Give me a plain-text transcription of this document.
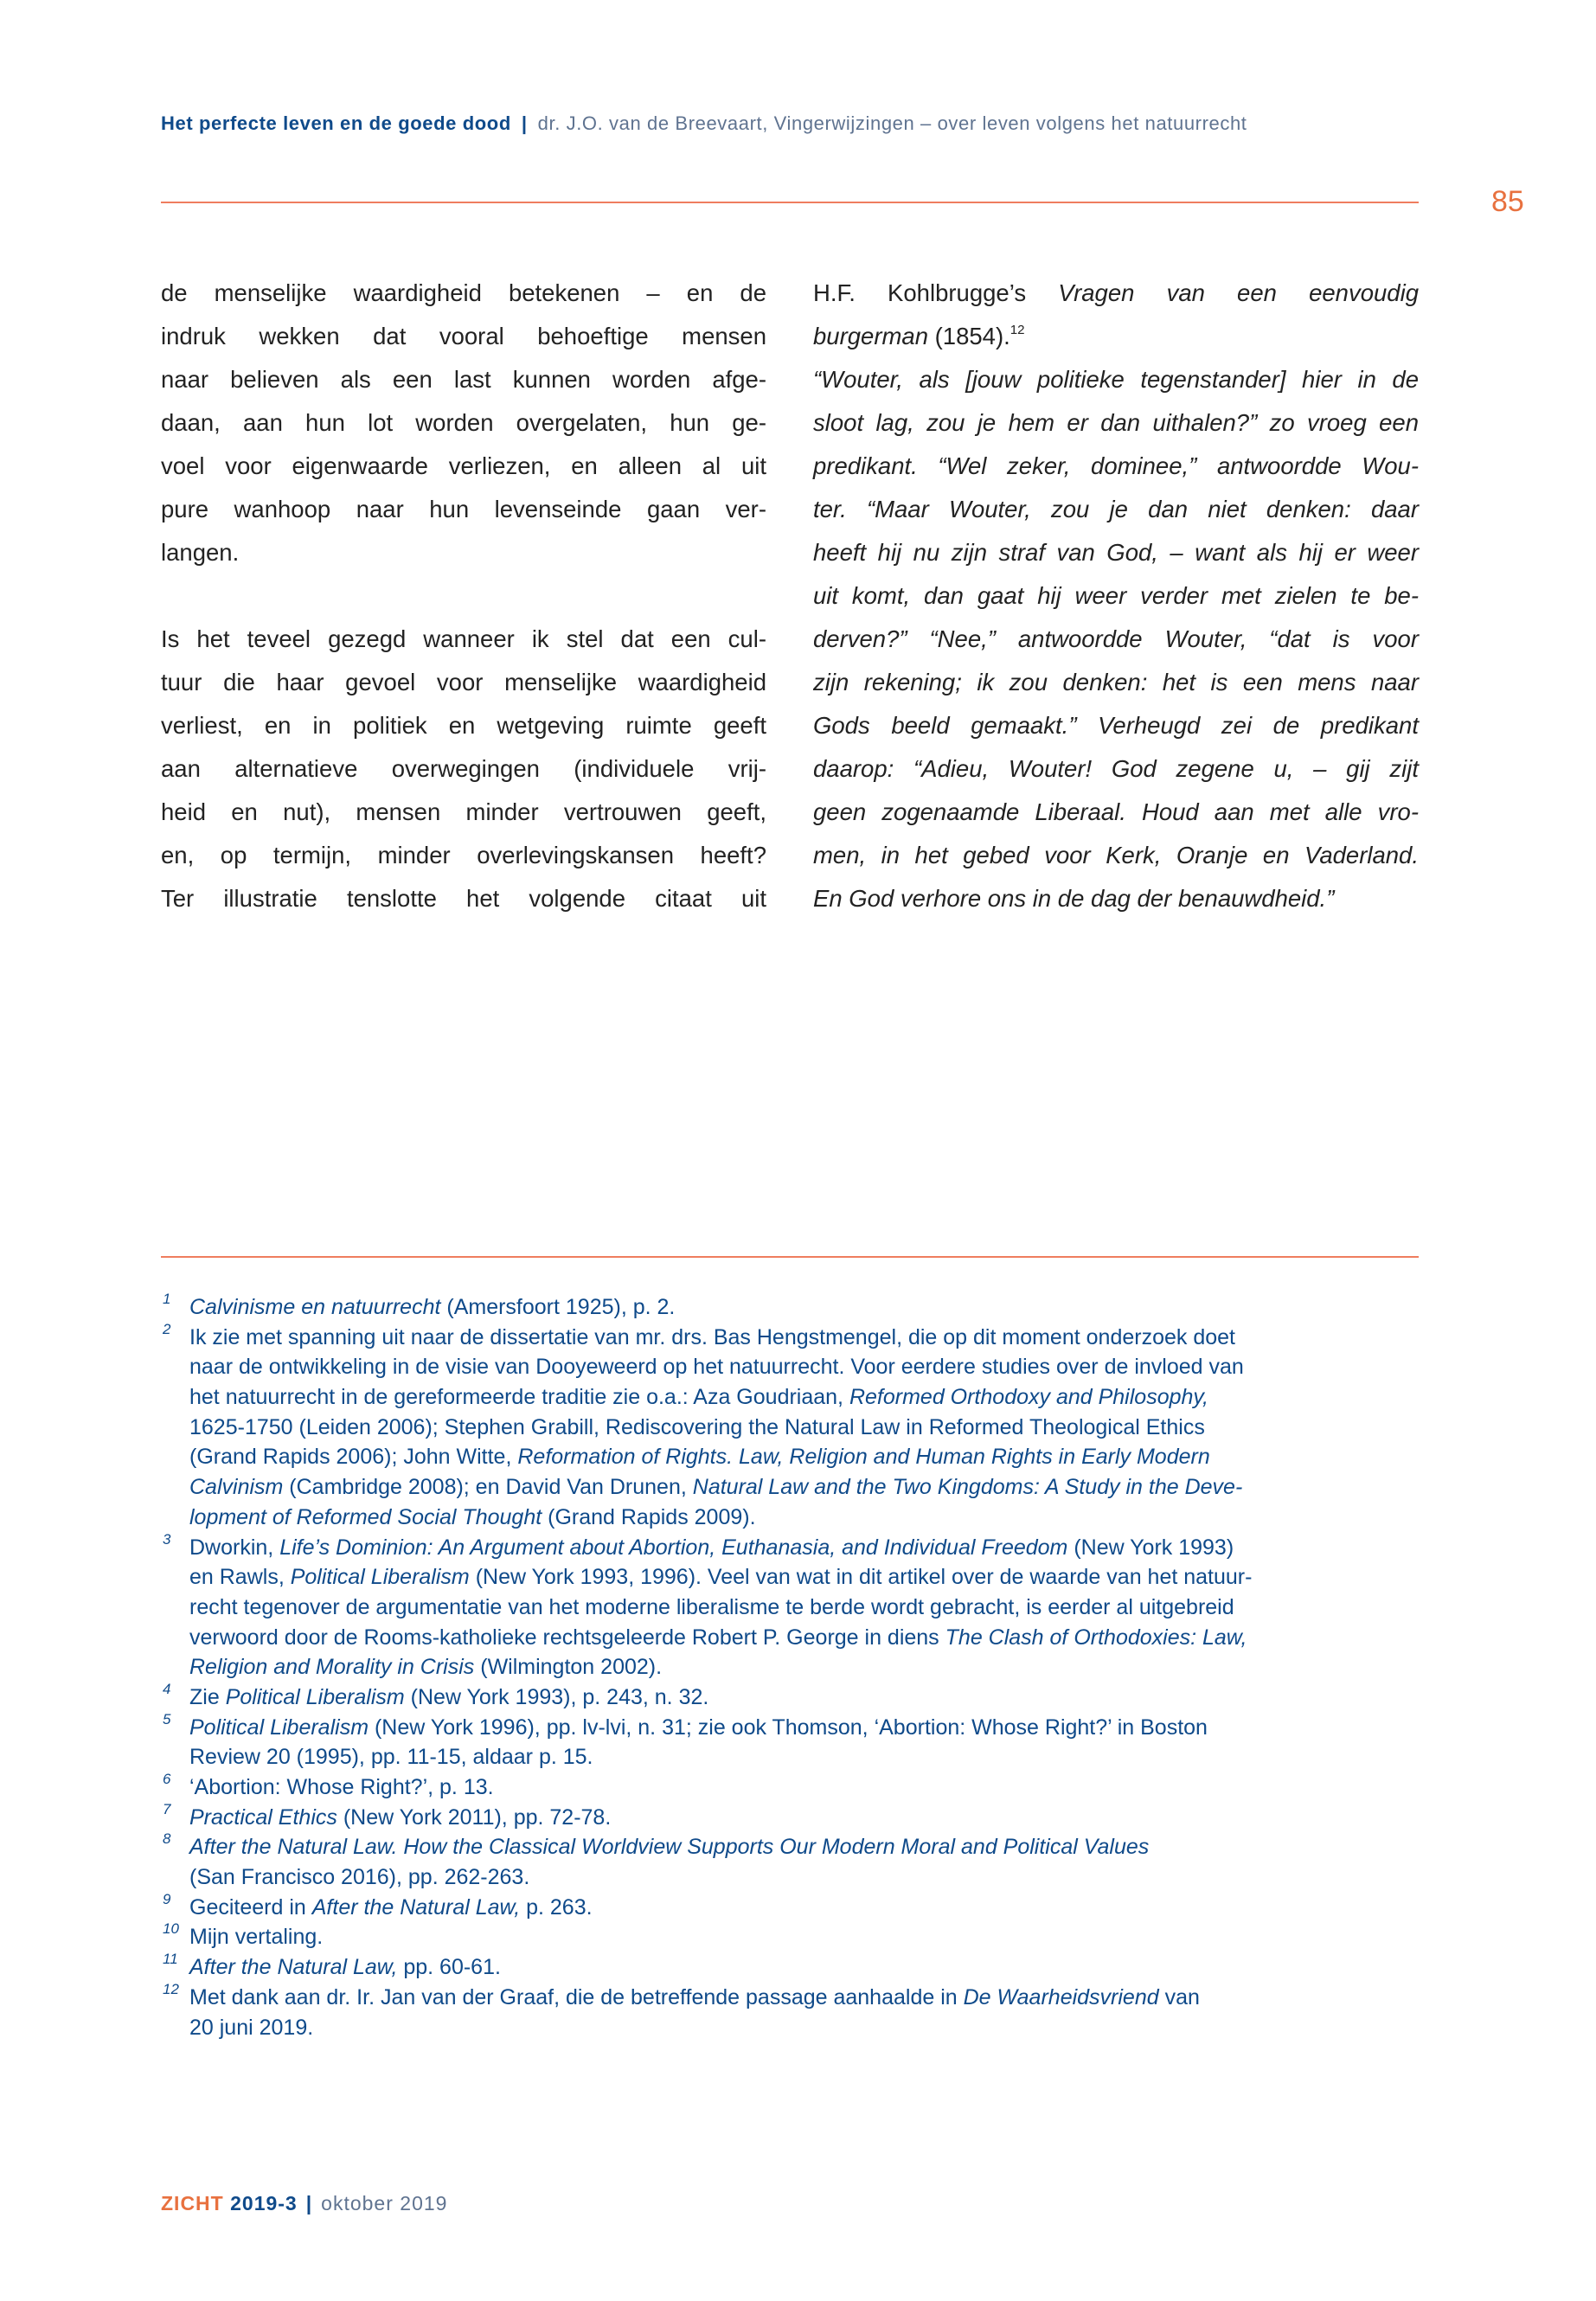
Het perfecte leven en de goede dood | dr. J.O. van de Breevaart, Vingerwijzingen – over leven volgens het natuurrecht
85
de menselijke waardigheid betekenen – en de
indruk wekken dat vooral behoeftige mensen
naar believen als een last kunnen worden afge-
daan, aan hun lot worden overgelaten, hun ge-
voel voor eigenwaarde verliezen, en alleen al uit
pure wanhoop naar hun levenseinde gaan ver-
langen.
Is het teveel gezegd wanneer ik stel dat een cul-
tuur die haar gevoel voor menselijke waardigheid
verliest, en in politiek en wetgeving ruimte geeft
aan alternatieve overwegingen (individuele vrij-
heid en nut), mensen minder vertrouwen geeft,
en, op termijn, minder overlevingskansen heeft?
Ter illustratie tenslotte het volgende citaat uit
H.F. Kohlbrugge’s Vragen van een eenvoudig
burgerman (1854).$^{12}$
“Wouter, als [jouw politieke tegenstander] hier in de
sloot lag, zou je hem er dan uithalen?” zo vroeg een
predikant. “Wel zeker, dominee,” antwoordde Wou-
ter. “Maar Wouter, zou je dan niet denken: daar
heeft hij nu zijn straf van God, – want als hij er weer
uit komt, dan gaat hij weer verder met zielen te be-
derven?” “Nee,” antwoordde Wouter, “dat is voor
zijn rekening; ik zou denken: het is een mens naar
Gods beeld gemaakt.” Verheugd zei de predikant
daarop: “Adieu, Wouter! God zegene u, – gij zijt
geen zogenaamde Liberaal. Houd aan met alle vro-
men, in het gebed voor Kerk, Oranje en Vaderland.
En God verhore ons in de dag der benauwdheid.”
1 Calvinisme en natuurrecht (Amersfoort 1925), p. 2.
2 Ik zie met spanning uit naar de dissertatie van mr. drs. Bas Hengstmengel, die op dit moment onderzoek doet
naar de ontwikkeling in de visie van Dooyeweerd op het natuurrecht. Voor eerdere studies over de invloed van
het natuurrecht in de gereformeerde traditie zie o.a.: Aza Goudriaan, Reformed Orthodoxy and Philosophy,
1625-1750 (Leiden 2006); Stephen Grabill, Rediscovering the Natural Law in Reformed Theological Ethics
(Grand Rapids 2006); John Witte, Reformation of Rights. Law, Religion and Human Rights in Early Modern
Calvinism (Cambridge 2008); en David Van Drunen, Natural Law and the Two Kingdoms: A Study in the Deve-
lopment of Reformed Social Thought (Grand Rapids 2009).
3 Dworkin, Life’s Dominion: An Argument about Abortion, Euthanasia, and Individual Freedom (New York 1993)
en Rawls, Political Liberalism (New York 1993, 1996). Veel van wat in dit artikel over de waarde van het natuur-
recht tegenover de argumentatie van het moderne liberalisme te berde wordt gebracht, is eerder al uitgebreid
verwoord door de Rooms-katholieke rechtsgeleerde Robert P. George in diens The Clash of Orthodoxies: Law,
Religion and Morality in Crisis (Wilmington 2002).
4 Zie Political Liberalism (New York 1993), p. 243, n. 32.
5 Political Liberalism (New York 1996), pp. lv-lvi, n. 31; zie ook Thomson, ‘Abortion: Whose Right?’ in Boston
Review 20 (1995), pp. 11-15, aldaar p. 15.
6 ‘Abortion: Whose Right?’, p. 13.
7 Practical Ethics (New York 2011), pp. 72-78.
8 After the Natural Law. How the Classical Worldview Supports Our Modern Moral and Political Values
(San Francisco 2016), pp. 262-263.
9 Geciteerd in After the Natural Law, p. 263.
10 Mijn vertaling.
11 After the Natural Law, pp. 60-61.
12 Met dank aan dr. Ir. Jan van der Graaf, die de betreffende passage aanhaalde in De Waarheidsvriend van
20 juni 2019.
ZICHT 2019-3 | oktober 2019
